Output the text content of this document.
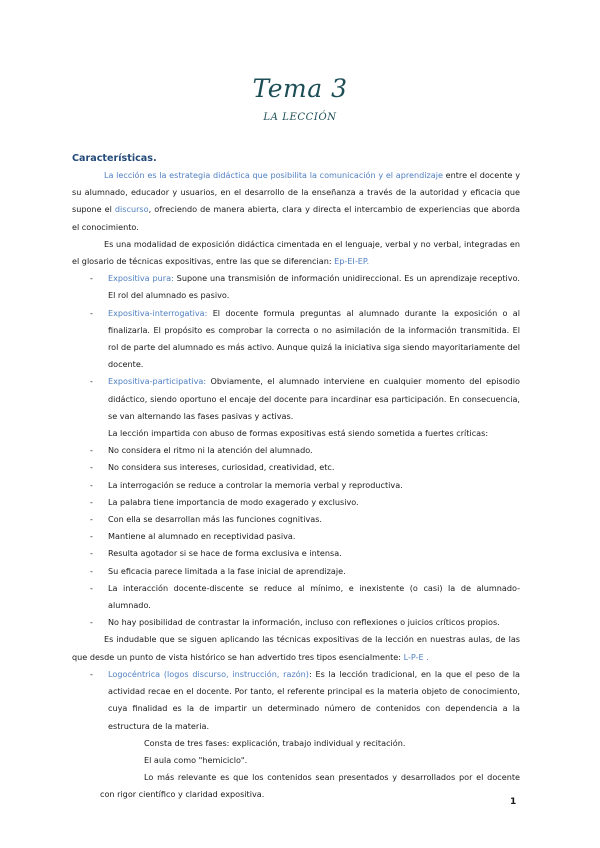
Tema 3
LA LECCIÓN

Características.

La lección es la estrategia didáctica que posibilita la comunicación y el aprendizaje entre el docente y su alumnado, educador y usuarios, en el desarrollo de la enseñanza a través de la autoridad y eficacia que supone el discurso, ofreciendo de manera abierta, clara y directa el intercambio de experiencias que aborda el conocimiento.

Es una modalidad de exposición didáctica cimentada en el lenguaje, verbal y no verbal, integradas en el glosario de técnicas expositivas, entre las que se diferencian: Ep-EI-EP.

- Expositiva pura: Supone una transmisión de información unidireccional. Es un aprendizaje receptivo. El rol del alumnado es pasivo.
- Expositiva-interrogativa: El docente formula preguntas al alumnado durante la exposición o al finalizarla. El propósito es comprobar la correcta o no asimilación de la información transmitida. El rol de parte del alumnado es más activo. Aunque quizá la iniciativa siga siendo mayoritariamente del docente.
- Expositiva-participativa: Obviamente, el alumnado interviene en cualquier momento del episodio didáctico, siendo oportuno el encaje del docente para incardinar esa participación. En consecuencia, se van alternando las fases pasivas y activas.

La lección impartida con abuso de formas expositivas está siendo sometida a fuertes críticas:

- No considera el ritmo ni la atención del alumnado.
- No considera sus intereses, curiosidad, creatividad, etc.
- La interrogación se reduce a controlar la memoria verbal y reproductiva.
- La palabra tiene importancia de modo exagerado y exclusivo.
- Con ella se desarrollan más las funciones cognitivas.
- Mantiene al alumnado en receptividad pasiva.
- Resulta agotador si se hace de forma exclusiva e intensa.
- Su eficacia parece limitada a la fase inicial de aprendizaje.
- La interacción docente-discente se reduce al mínimo, e inexistente (o casi) la de alumnado-alumnado.
- No hay posibilidad de contrastar la información, incluso con reflexiones o juicios críticos propios.

Es indudable que se siguen aplicando las técnicas expositivas de la lección en nuestras aulas, de las que desde un punto de vista histórico se han advertido tres tipos esencialmente: L-P-E .

- Logocéntrica (logos discurso, instrucción, razón): Es la lección tradicional, en la que el peso de la actividad recae en el docente. Por tanto, el referente principal es la materia objeto de conocimiento, cuya finalidad es la de impartir un determinado número de contenidos con dependencia a la estructura de la materia.

Consta de tres fases: explicación, trabajo individual y recitación.

El aula como "hemiciclo".

Lo más relevante es que los contenidos sean presentados y desarrollados por el docente con rigor científico y claridad expositiva.

1
